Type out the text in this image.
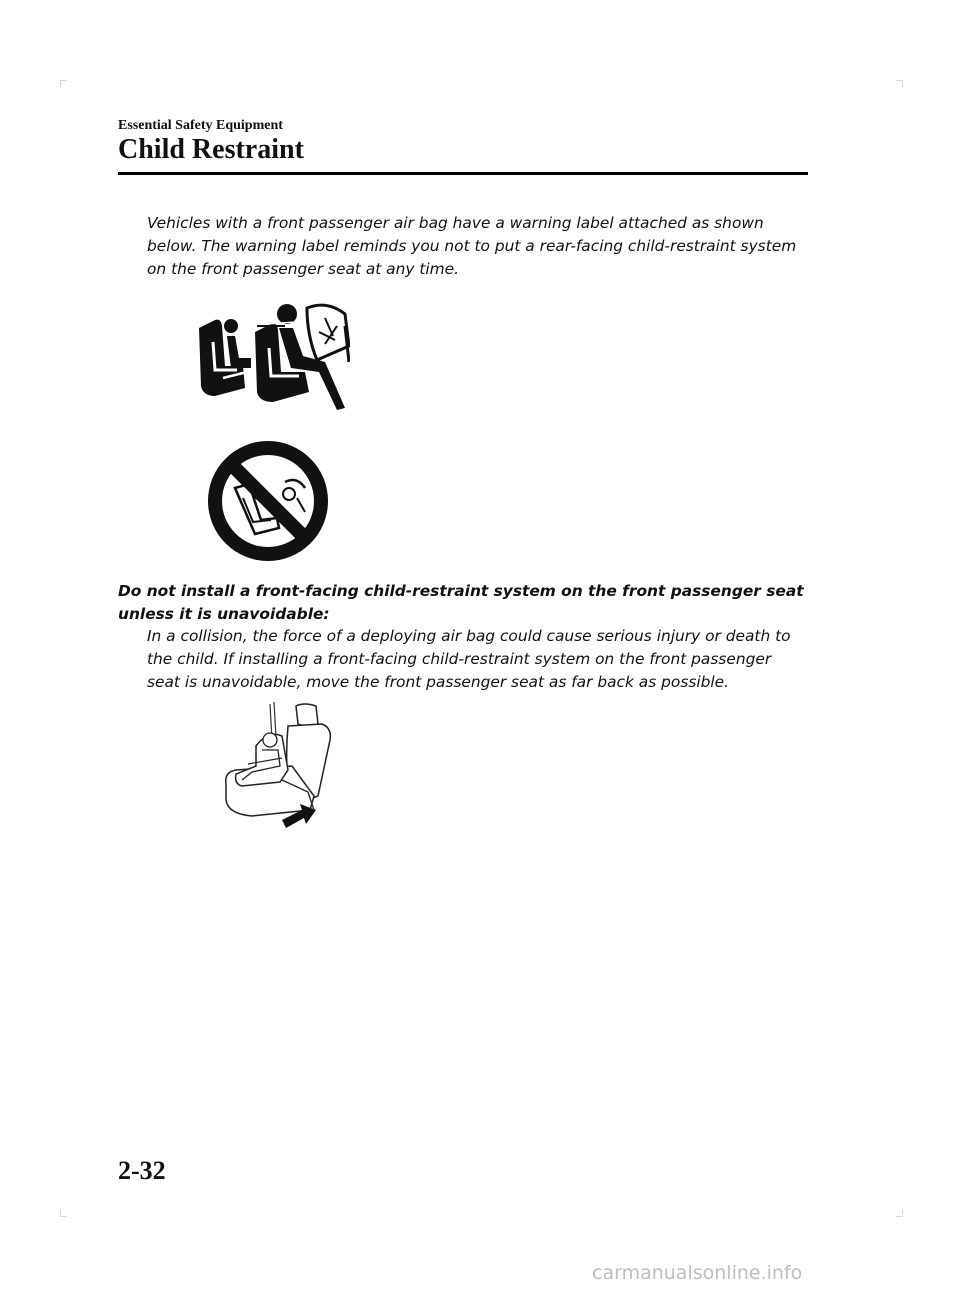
Essential Safety Equipment
Child Restraint

Vehicles with a front passenger air bag have a warning label attached as shown below. The warning label reminds you not to put a rear-facing child-restraint system on the front passenger seat at any time.

Do not install a front-facing child-restraint system on the front passenger seat unless it is unavoidable:

In a collision, the force of a deploying air bag could cause serious injury or death to the child. If installing a front-facing child-restraint system on the front passenger seat is unavoidable, move the front passenger seat as far back as possible.

2-32
carmanualsonline.info
